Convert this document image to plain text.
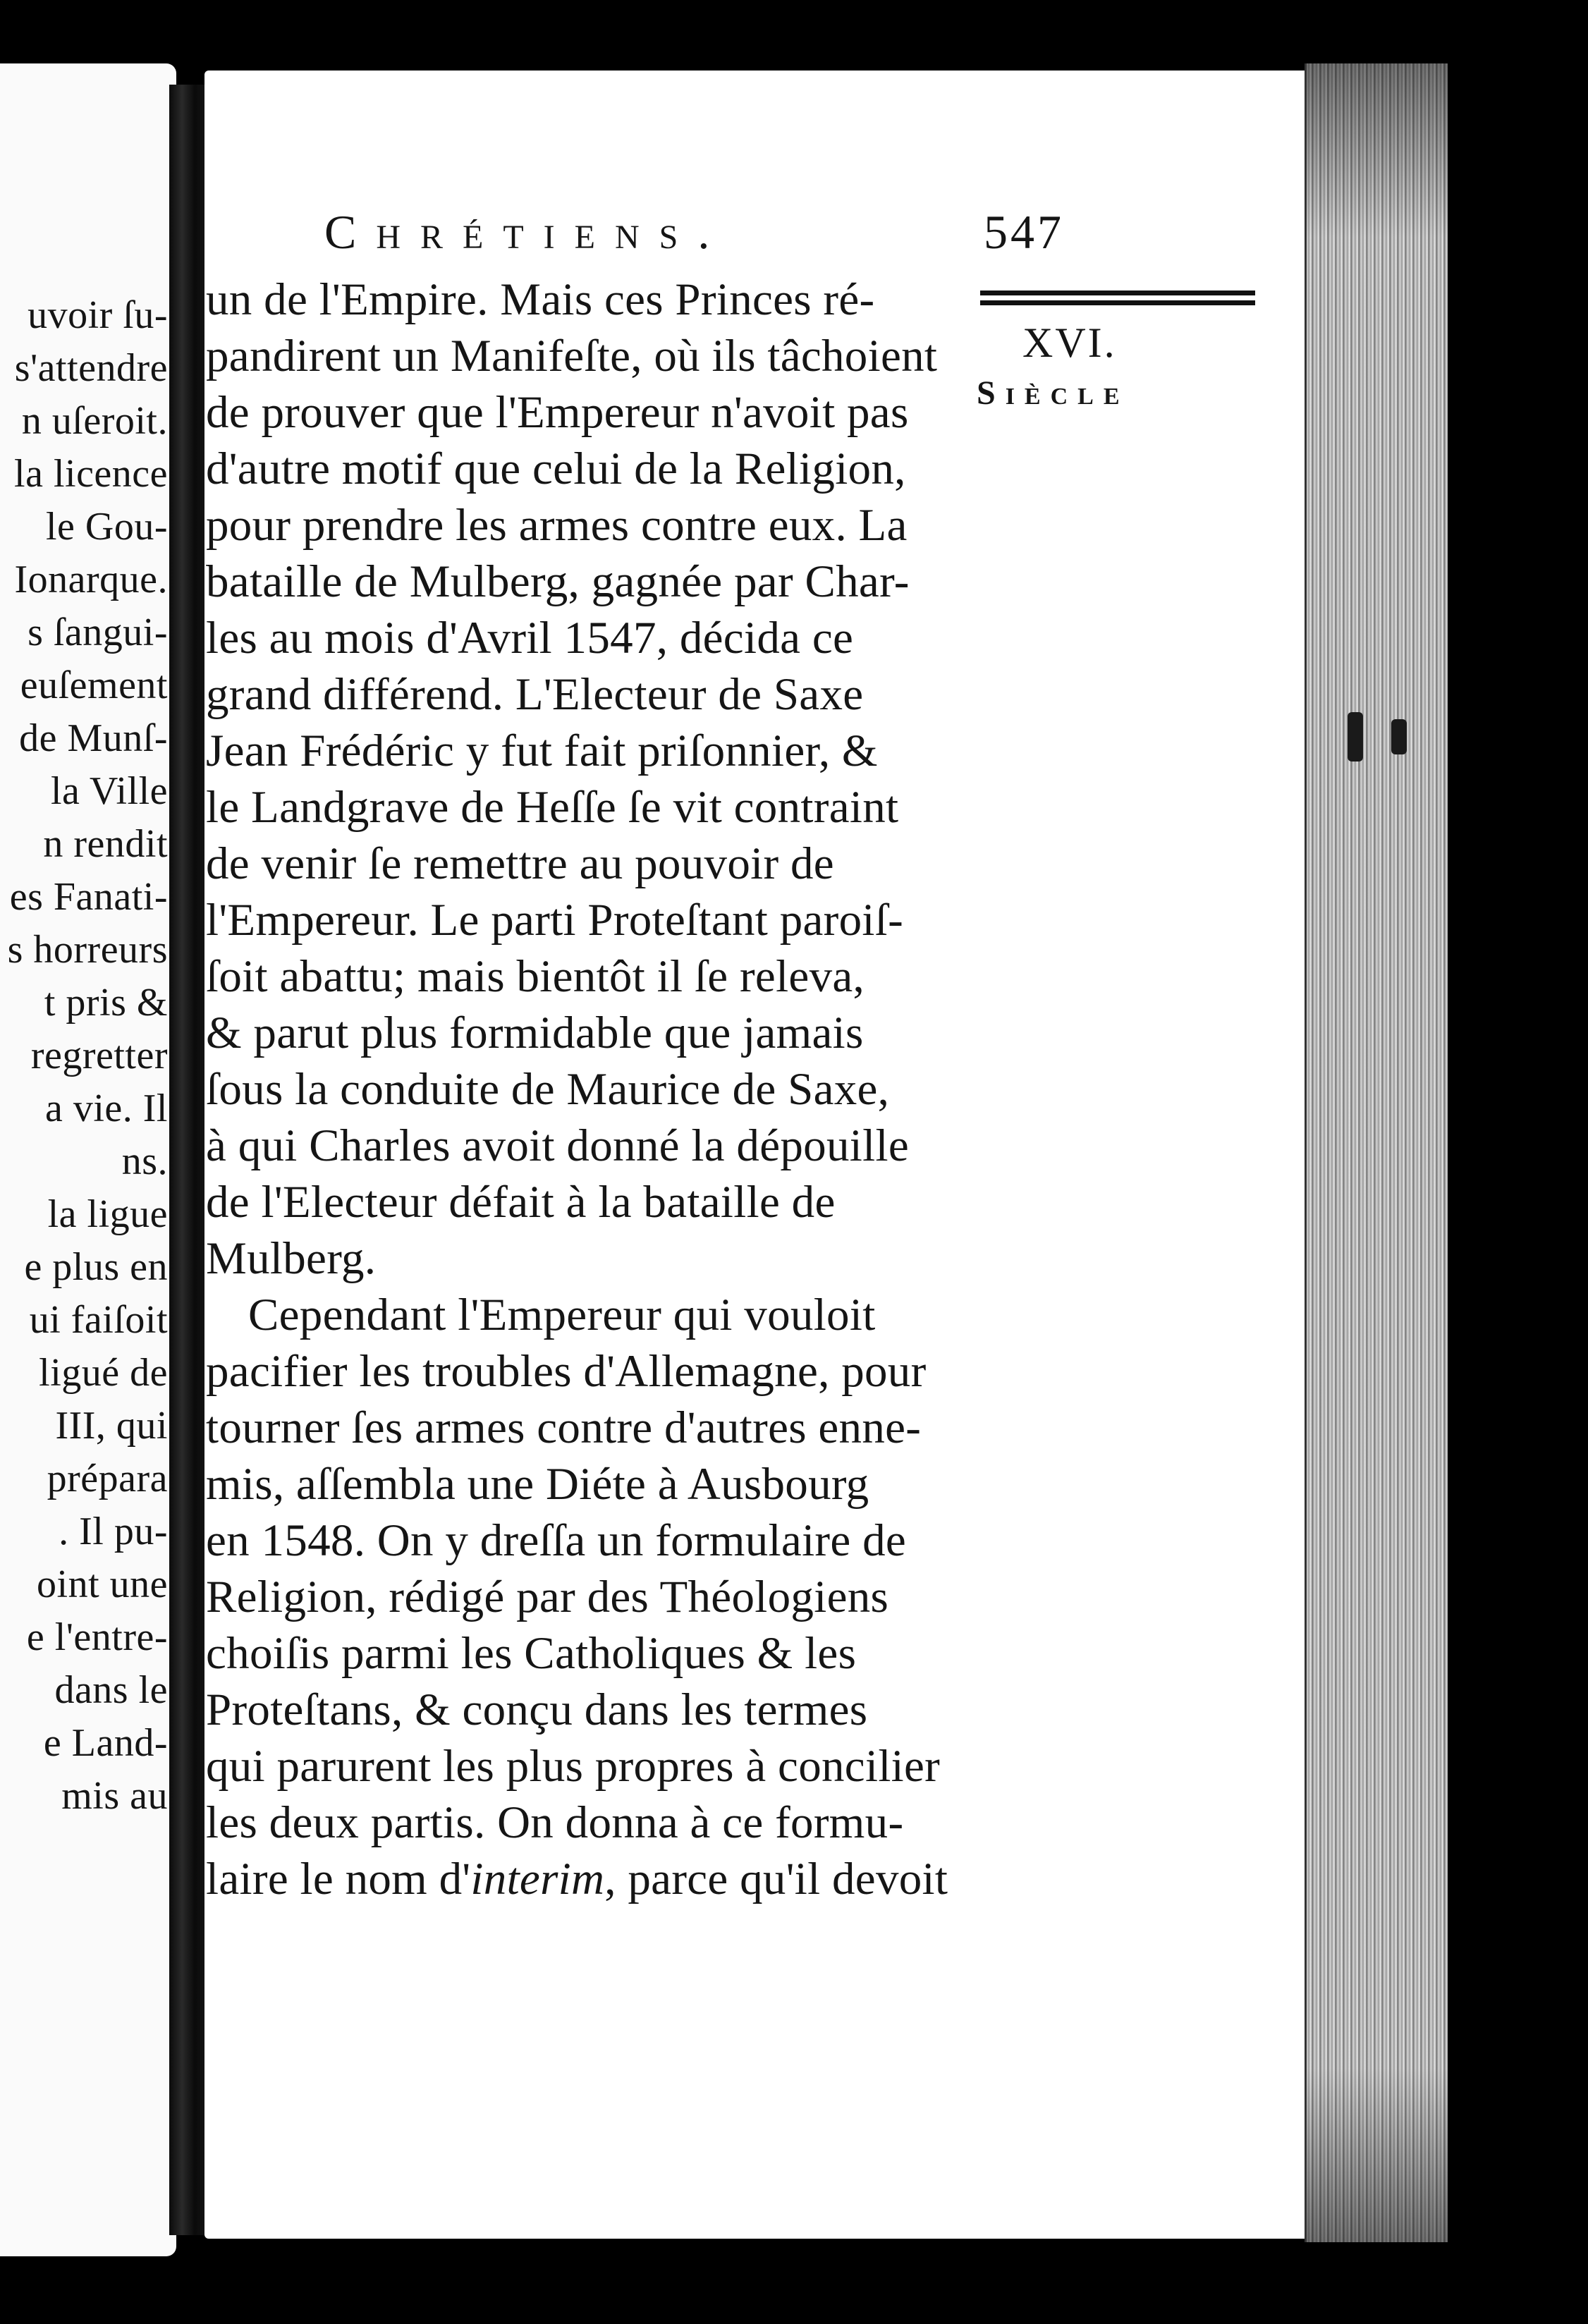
uvoir ſu-
s'attendre
n uſeroit.
la licence
le Gou-
Ionarque.
s ſangui-
euſement
de Munſ-
la Ville
n rendit
es Fanati-
s horreurs
t pris &
regretter
a vie. Il
ns.
la ligue
e plus en
ui faiſoit
ligué de
III, qui
prépara
. Il pu-
oint une
e l'entre-
dans le
e Land-
mis au
Chrétiens.	547
XVI.
Siècle
un de l'Empire. Mais ces Princes ré-
pandirent un Manifeſte, où ils tâchoient
de prouver que l'Empereur n'avoit pas
d'autre motif que celui de la Religion,
pour prendre les armes contre eux. La
bataille de Mulberg, gagnée par Char-
les au mois d'Avril 1547, décida ce
grand différend. L'Electeur de Saxe
Jean Frédéric y fut fait priſonnier, &
le Landgrave de Heſſe ſe vit contraint
de venir ſe remettre au pouvoir de
l'Empereur. Le parti Proteſtant paroiſ-
ſoit abattu; mais bientôt il ſe releva,
& parut plus formidable que jamais
ſous la conduite de Maurice de Saxe,
à qui Charles avoit donné la dépouille
de l'Electeur défait à la bataille de
Mulberg.
Cependant l'Empereur qui vouloit
pacifier les troubles d'Allemagne, pour
tourner ſes armes contre d'autres enne-
mis, aſſembla une Diéte à Ausbourg
en 1548. On y dreſſa un formulaire de
Religion, rédigé par des Théologiens
choiſis parmi les Catholiques & les
Proteſtans, & conçu dans les termes
qui parurent les plus propres à concilier
les deux partis. On donna à ce formu-
laire le nom d'interim, parce qu'il devoit
